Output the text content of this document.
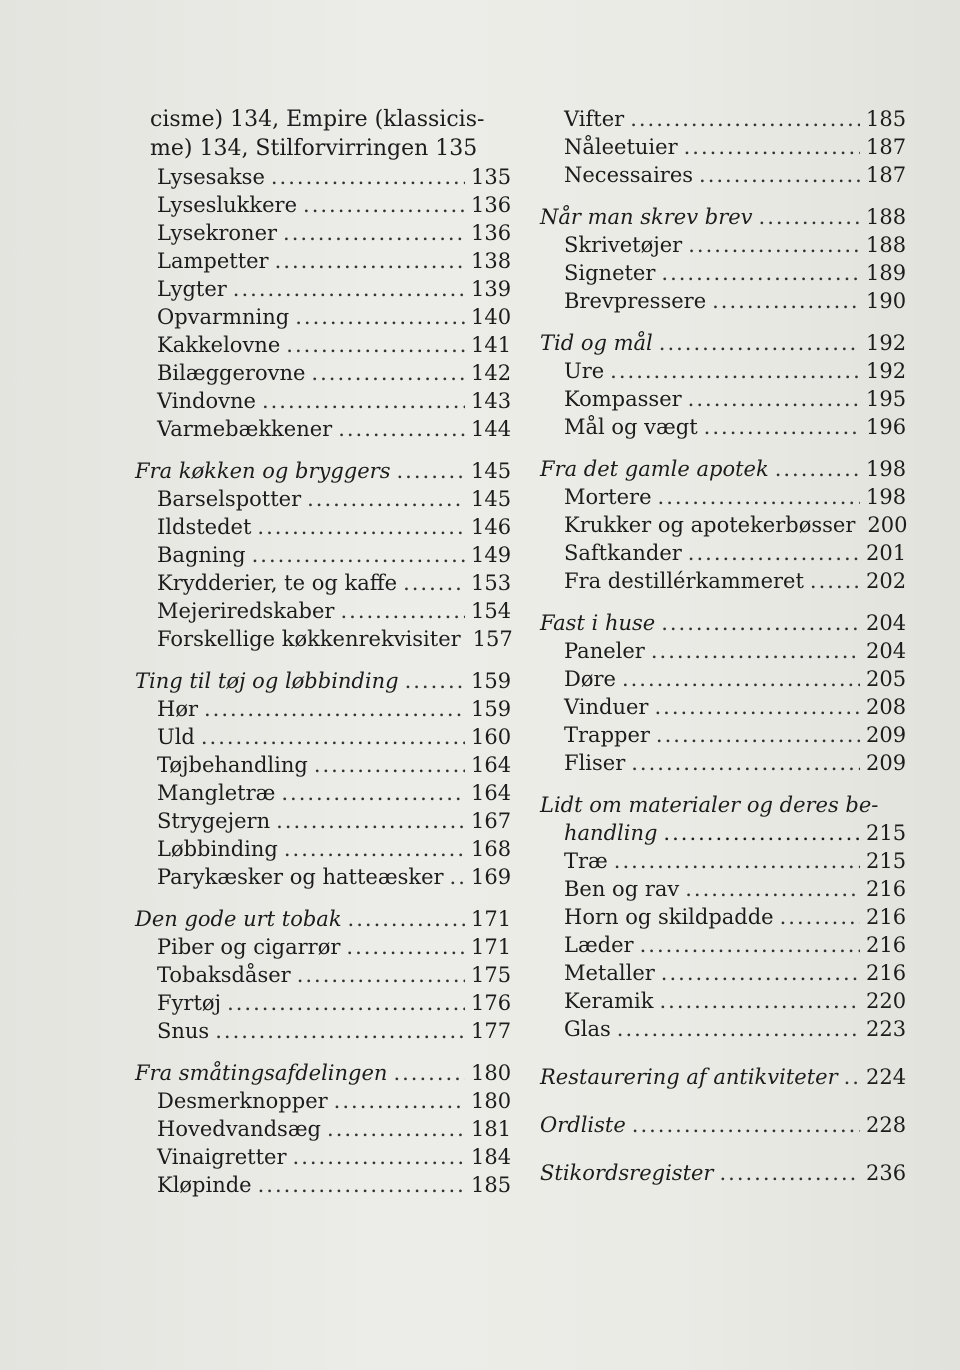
cisme) 134, Empire (klassicis-
me) 134, Stilforvirringen 135
Lysesakse .....	135
Lyseslukkere .....	136
Lysekroner .....	136
Lampetter .....	138
Lygter .....	139
Opvarmning .....	140
Kakkelovne .....	141
Bilæggerovne .....	142
Vindovne .....	143
Varmebækkener .....	144
Fra køkken og bryggers .....	145
Barselspotter .....	145
Ildstedet .....	146
Bagning .....	149
Krydderier, te og kaffe .....	153
Mejeriredskaber .....	154
Forskellige køkkenrekvisiter 157
Ting til tøj og løbbinding .....	159
Hør .....	159
Uld .....	160
Tøjbehandling .....	164
Mangletræ .....	164
Strygejern .....	167
Løbbinding .....	168
Parykæsker og hatteæsker ..... 169
Den gode urt tobak .....	171
Piber og cigarrør .....	171
Tobaksdåser .....	175
Fyrtøj .....	176
Snus .....	177
Fra småtingsafdelingen .....	180
Desmerknopper .....	180
Hovedvandsæg .....	181
Vinaigretter .....	184
Kløpinde .....	185
Vifter .....	185
Nåleetuier .....	187
Necessaires .....	187
Når man skrev brev .....	188
Skrivetøjer .....	188
Signeter .....	189
Brevpressere .....	190
Tid og mål .....	192
Ure .....	192
Kompasser .....	195
Mål og vægt .....	196
Fra det gamle apotek .....	198
Mortere .....	198
Krukker og apotekerbøsser 200
Saftkander .....	201
Fra destillérkammeret .....	202
Fast i huse .....	204
Paneler .....	204
Døre .....	205
Vinduer .....	208
Trapper .....	209
Fliser .....	209
Lidt om materialer og deres be-
handling .....	215
Træ .....	215
Ben og rav .....	216
Horn og skildpadde .....	216
Læder .....	216
Metaller .....	216
Keramik .....	220
Glas .....	223
Restaurering af antikviteter ..... 224
Ordliste .....	228
Stikordsregister .....	236
